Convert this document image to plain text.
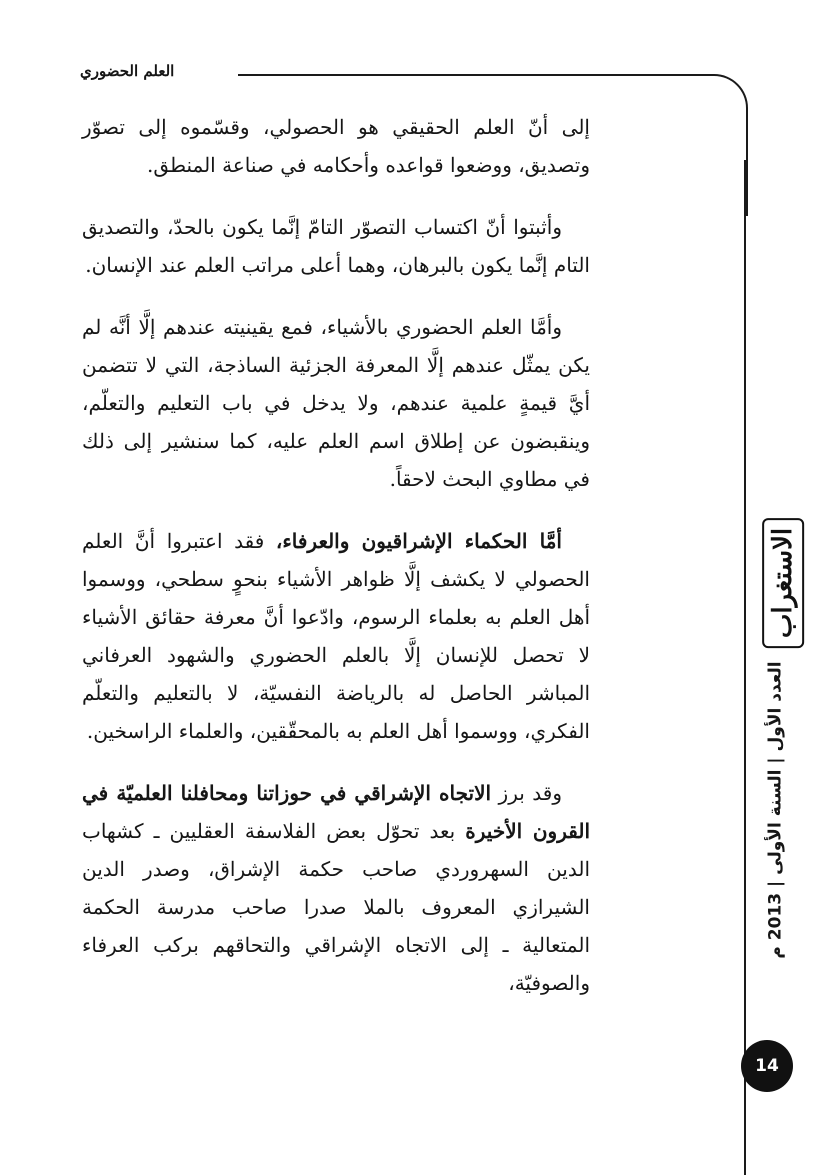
العلم الحضوري

إلى أنّ العلم الحقيقي هو الحصولي، وقسّموه إلى تصوّر وتصديق، ووضعوا قواعده وأحكامه في صناعة المنطق.

وأثبتوا أنّ اكتساب التصوّر التامّ إنَّما يكون بالحدّ، والتصديق التام إنَّما يكون بالبرهان، وهما أعلى مراتب العلم عند الإنسان.

وأمَّا العلم الحضوري بالأشياء، فمع يقينيته عندهم إلَّا أنَّه لم يكن يمثّل عندهم إلَّا المعرفة الجزئية الساذجة، التي لا تتضمن أيَّ قيمةٍ علمية عندهم، ولا يدخل في باب التعليم والتعلّم، وينقبضون عن إطلاق اسم العلم عليه، كما سنشير إلى ذلك في مطاوي البحث لاحقاً.

أمَّا الحكماء الإشراقيون والعرفاء، فقد اعتبروا أنَّ العلم الحصولي لا يكشف إلَّا ظواهر الأشياء بنحوٍ سطحي، ووسموا أهل العلم به بعلماء الرسوم، وادّعوا أنَّ معرفة حقائق الأشياء لا تحصل للإنسان إلَّا بالعلم الحضوري والشهود العرفاني المباشر الحاصل له بالرياضة النفسيّة، لا بالتعليم والتعلّم الفكري، ووسموا أهل العلم به بالمحقّقين، والعلماء الراسخين.

وقد برز الاتجاه الإشراقي في حوزاتنا ومحافلنا العلميّة في القرون الأخيرة بعد تحوّل بعض الفلاسفة العقليين ـ كشهاب الدين السهروردي صاحب حكمة الإشراق، وصدر الدين الشيرازي المعروف بالملا صدرا صاحب مدرسة الحكمة المتعالية ـ إلى الاتجاه الإشراقي والتحاقهم بركب العرفاء والصوفيّة،

الاستغراب
العدد الأول | السنة الأولى | 2013 م
14
